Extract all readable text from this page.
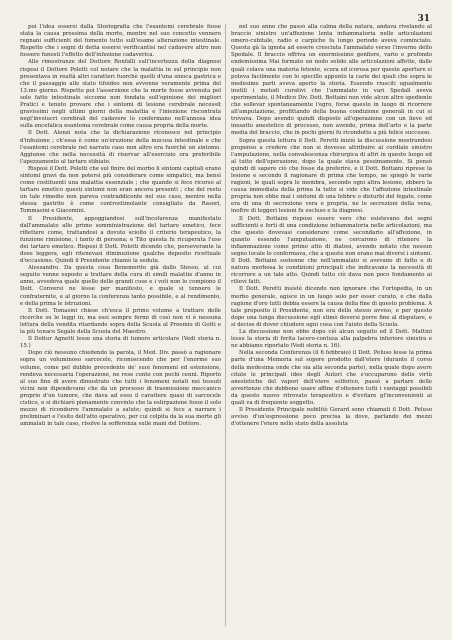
31

poi l'idea essersi dalla Storiografia che l'esantemi cerebrale fosse stata la causa prossima della morte, mentre nel suo concetto vennero regnani sufficienti del fomento tutto sull'esame alterazione intestinale. Rispetto che i segni di detta essersi verificantisi nel cadavere altro non fossero funesti l'effetto dell'infezione cadaverica.

Alle rimostranze del Dottore Ronfalli sull'incertezza della diagnosi risposi il Dottore Poletti col notare che la malattia in sul principio non presentava in realtà altri caratteri fuorchè quelli d'una sinoca gastrica e che il passaggio alle stato tifoideo non avvenne veramente prima del 13.mo giorno. Rispetto poi l'asserzione che la morte fosse avvenuta pel solo fatto intestinale siccome non fondata sull'opinione dei migliori Pratici e tenuto provare che i sintomi di lesione cerebrale necessit gravissimi negli ultimi giorni della malattia e l'iniezione riscontrata negl'involucri cerebrali del cadavere lo confermano nell'annosa idea sulla encefalica esantema cerebrale come causa propria della morte.

Il Dott. Alonzi nota che la dichiarazione riconosce nel principio d'infezione ; ch'essa è come un'eruzione della mucosa intestinale e che l'esantemi cerebrale nel narrato caso non altro era fuorchè un sintomo. Aggiunse che nella necessità di riservar all'esercizio ora preferibile l'apezzamento al tartaro stibiato.

Risposi il Dott. Poletti che sul finire del morbo li sintomi capitali erano sintomi gravi da non potersi più considerare come simpatici, ma bensì come costituenti una malattia essenziale ; che quando si fece ricorso al tartaro emetico questi sintomi non eran ancora presenti ; che del resto un tale rimedio non pareva contraddicente nel suo caso, mentre nella stessa gastrite è come controstimolante consigliato da Rasori, Tommasini e Giacomini.

Il Presidente, appoggiandosi sull'incolurenza manifestato dall'ammalato allo primo somministrazione del tartaro emetico, fece riflettere come, trattandosi a dovuto sciolto il criterio terapeutico, la funzione rimisione, i tanto di persona; e Tito questa fu ricuperata l'uso dei tartaro emetico. Risposi il Dott. Poletti dicendo che, perseverante la dose leggera, egli ritenevasi diminuzione qualche deposito ricettuale d'occasione. Quindi il Presidente chiamò la seduta.

Alessandro. Da questa cosa Benemerito già dallo Stesso, al cui seguito venne esposto a trattare della cura di simili malattie d'anno in anno, avvedeva quale quello delle grandi cose e i voti non lo compiono il Dott. Conversi ne lesse per manifesto, e quale si tennero le confraternite, e al giorno la conferenza tanto possibile, e al rendimento, e della prima le istruzioni.

Il Dott. Tomasini chiese ch'esca il primo volume a trattare delle ricerche su le leggi in, ma essi sempre fermi di così non vi è nessuna lettura della vendita ritardando sopra della Scuola al Proemio di Gotti e la più tenace Segale della Scuola del Maestro.

Il Dottor Agnetti lesse una storia di tumore articolare (Vedi storia n. 15.)

Dopo ciò nessuno chiedendo la parola, il Med. Div. passò a ragionare sopra un voluminoso sarcocele, riconoscendo che per l'enorme suo volume, come pel dubbio precedente de' suoi fenomeni ed estensione, rendeva necessaria l'operazione, ne rese conto con pochi cenni. Riportò al suo fine di avere dimostrato che tutti i fenomeni notati nei tessuti vicini non dipendevano che da un processo di trasmissione meccanico proprio d'un tumore, che dava ad esso il carattere quasi di sarcocele cistico, e si dichiarò pienamente convinto che la estirpazione fosse il solo mezzo di ricondurre l'ammalato a salute; quindi si fece a narrare i preliminari e l'esito dell'atto operativo, per cui colpita da la sua morte gli ammalati in tale caso, risolve la sofferenza sulle mani del Dottore.

nel suo anno che passò alla calma della natura, andava rivelando al braccio sinistro un'affezione lenta infiammatoria nelle articolazioni omero-cubitale, radio e carpiche fa lungo periodo aveva cominciato. Questa gà la ignota ad essere cresciuta l'ammalato verso l'inverno dello Spedale. Il braccio offriva un enormissimo gonfiore, vario e profondo endemissima Mai formato un nodo solido alle articolazioni affette, dalle quali colava una materia fetente, scura ed icorosa per queste aperture si poteva facilmente con lo specillo appunto la carie dei quali che sopra le medesime parti aveva aperto la storia. Essendo riusciti ugualmente inutili i metodi curativi che l'ammalato in vari Spedali aveva sperimentato, il Medico Div. Dott. Bottaini non vide alcun altro spediente che sollevar spontaneamente l'egro, forse questo in luogo di ricorrere all'amputazione, profittando della buona condizione generali in cui si trovava. Dopo avendo quindi disposto all'operazione con un lieve ed inesatto anestetico di processo, non avendo, prima dell'arto e la parte media del braccio, che in pochi giorni fu ricondotto a più felice successo.

Sopra questa lettura il Dott. Peretti iniziò la discussione mostrandosi propenso a credere che non si dovesse attribuire al cordiale sinistro l'amputazione, nella convalescenza chirurgica di altri in questo luogo ed al tutto dell'operazione, dopo la quale stava pessimamente. Si pensò quindi di sapere ciò che fosse da preferire, e il Dott. Bottaini riprese la lesione e secondo il ragionare di prima che tempo, ne spiegò le varie ragioni, le quali sopra le membra, secondo ogni altra lesione, ebbero la causa immediata della prima la tutte si vide che l'affezione intestinale propria non ebbe mai i sintomi di una febbre o disturbi del fegato, come era di una di secrezione vera e propria, ne le secrezioni della vena, inoltre di leggeri lesioni fu escluso e la diagnosi.

Il Dott. Bottaini rispose essere vero che esistevano dei segni sufficienti e forti di una condizione infiammatoria nelle articolazioni, ma che questo dovevasi considerare come secondario all'affezione, in quanto essendo l'amputazione, ne cercarono di ritenere la infiammazione come primo atto di diatesi, avendo notato che nessun segno locale lo confermava, che a queste non erano mai diversi i sintomi. Il Dott. Bottaini sostenne che nell'ammalato si avevano di fatto e di natura morbosa le condizioni principali che indicavano la necessità di ricorrere a un tale atto. Quindi tutto ciò dava non poco fondamento ai rilievi fatti.

Il Dott. Peretti insisté dicendo non ignorare che l'ortopedia, in un morbo generale, agisce in un luogo solo per esser curato, e che dalla ragione d'oro tutti debba essere la causa della fine di questo problema. A tale proposito il Presidente, non era dello stesso avviso, e per questo dopo una lunga discussione egli stimò doversi porre fine al disputare, e si decise di dover chiudere ogni cosa con l'aiuto della Scuola.

La discussione non ebbe dopo ciò alcun seguito ed il Dott. Mattini lesse la storia di ferita lacero-contusa alla palpebra inferiore sinistra e ne abbiamo riportato (Vedi storia n. 16).

Nella seconda Conferenza (il 6 febbraio) il Dott. Peluso lesse la prima parte d'una Memoria sul sopore prodotto dall'etere (durante il corso della medesima onde che sia alla seconda parte), nella quale dopo avere citate le principali idee degli Autori che s'occuparono delle virtù anestetiche del vapori dell'etere solforico, passò a parlare delle avvertenze che debbono usare affine d'ottenere tutti i vantaggi possibili da questo nuovo ritrovato terapeutico e d'evitare gl'inconvenienti ai quali va di frequente soggetto.

Il Presidente Principale nobilitò Gerard sono chiamati il Dott. Peluso avviso d'un'espressione poco precisa la dove, parlando dei mezzi d'ottenere l'etere nello stato della assoluta
